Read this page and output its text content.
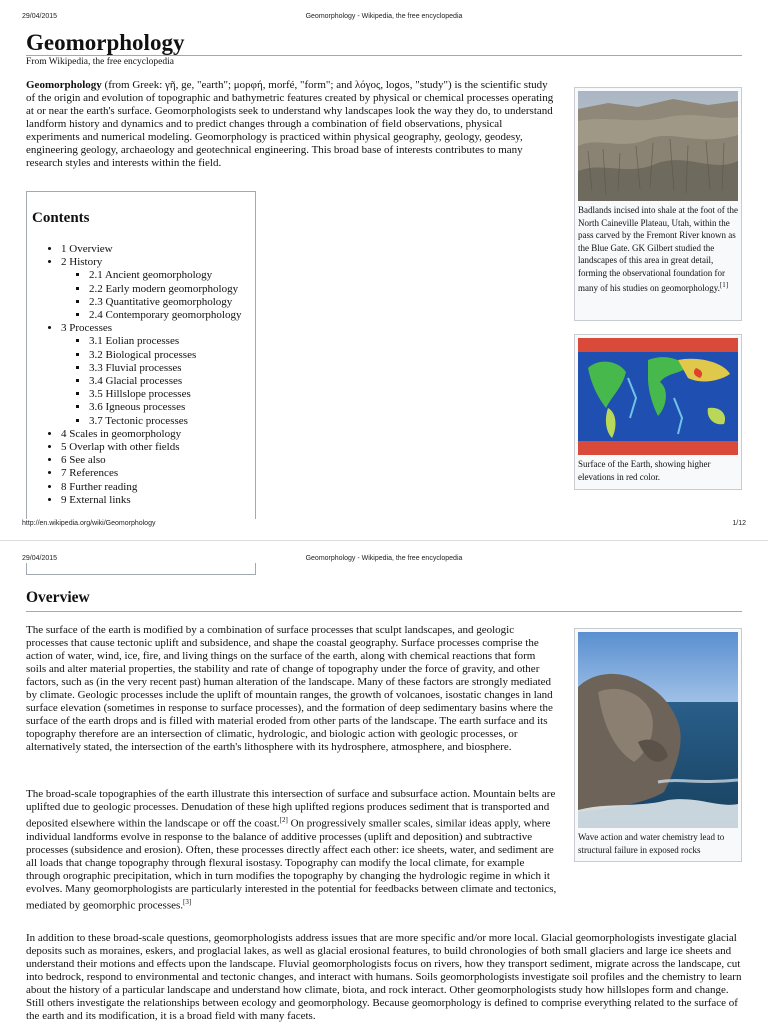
29/04/2015	Geomorphology - Wikipedia, the free encyclopedia
Geomorphology
From Wikipedia, the free encyclopedia

Geomorphology (from Greek: γῆ, ge, "earth"; μορφή, morfé, "form"; and λόγος, logos, "study") is the scientific study of the origin and evolution of topographic and bathymetric features created by physical or chemical processes operating at or near the earth's surface. Geomorphologists seek to understand why landscapes look the way they do, to understand landform history and dynamics and to predict changes through a combination of field observations, physical experiments and numerical modeling. Geomorphology is practiced within physical geography, geology, geodesy, engineering geology, archaeology and geotechnical engineering. This broad base of interests contributes to many research styles and interests within the field.

Badlands incised into shale at the foot of the North Caineville Plateau, Utah, within the pass carved by the Fremont River known as the Blue Gate. GK Gilbert studied the landscapes of this area in great detail, forming the observational foundation for many of his studies on geomorphology.[1]
Surface of the Earth, showing higher elevations in red color.
Contents
• 1 Overview
• 2 History
▪ 2.1 Ancient geomorphology
▪ 2.2 Early modern geomorphology
▪ 2.3 Quantitative geomorphology
▪ 2.4 Contemporary geomorphology
• 3 Processes
▪ 3.1 Eolian processes
▪ 3.2 Biological processes
▪ 3.3 Fluvial processes
▪ 3.4 Glacial processes
▪ 3.5 Hillslope processes
▪ 3.6 Igneous processes
▪ 3.7 Tectonic processes
• 4 Scales in geomorphology
• 5 Overlap with other fields
• 6 See also
• 7 References
• 8 Further reading
• 9 External links
http://en.wikipedia.org/wiki/Geomorphology	1/12
29/04/2015	Geomorphology - Wikipedia, the free encyclopedia
Overview

The surface of the earth is modified by a combination of surface processes that sculpt landscapes, and geologic processes that cause tectonic uplift and subsidence, and shape the coastal geography. Surface processes comprise the action of water, wind, ice, fire, and living things on the surface of the earth, along with chemical reactions that form soils and alter material properties, the stability and rate of change of topography under the force of gravity, and other factors, such as (in the very recent past) human alteration of the landscape. Many of these factors are strongly mediated by climate. Geologic processes include the uplift of mountain ranges, the growth of volcanoes, isostatic changes in land surface elevation (sometimes in response to surface processes), and the formation of deep sedimentary basins where the surface of the earth drops and is filled with material eroded from other parts of the landscape. The earth surface and its topography therefore are an intersection of climatic, hydrologic, and biologic action with geologic processes, or alternatively stated, the intersection of the earth's lithosphere with its hydrosphere, atmosphere, and biosphere.

The broad-scale topographies of the earth illustrate this intersection of surface and subsurface action. Mountain belts are uplifted due to geologic processes. Denudation of these high uplifted regions produces sediment that is transported and deposited elsewhere within the landscape or off the coast.[2] On progressively smaller scales, similar ideas apply, where individual landforms evolve in response to the balance of additive processes (uplift and deposition) and subtractive processes (subsidence and erosion). Often, these processes directly affect each other: ice sheets, water, and sediment are all loads that change topography through flexural isostasy. Topography can modify the local climate, for example through orographic precipitation, which in turn modifies the topography by changing the hydrologic regime in which it evolves. Many geomorphologists are particularly interested in the potential for feedbacks between climate and tectonics, mediated by geomorphic processes.[3]

In addition to these broad-scale questions, geomorphologists address issues that are more specific and/or more local. Glacial geomorphologists investigate glacial deposits such as moraines, eskers, and proglacial lakes, as well as glacial erosional features, to build chronologies of both small glaciers and large ice sheets and understand their motions and effects upon the landscape. Fluvial geomorphologists focus on rivers, how they transport sediment, migrate across the landscape, cut into bedrock, respond to environmental and tectonic changes, and interact with humans. Soils geomorphologists investigate soil profiles and the chemistry to learn about the history of a particular landscape and understand how climate, biota, and rock interact. Other geomorphologists study how hillslopes form and change. Still others investigate the relationships between ecology and geomorphology. Because geomorphology is defined to comprise everything related to the surface of the earth and its modification, it is a broad field with many facets.

Wave action and water chemistry lead to structural failure in exposed rocks
